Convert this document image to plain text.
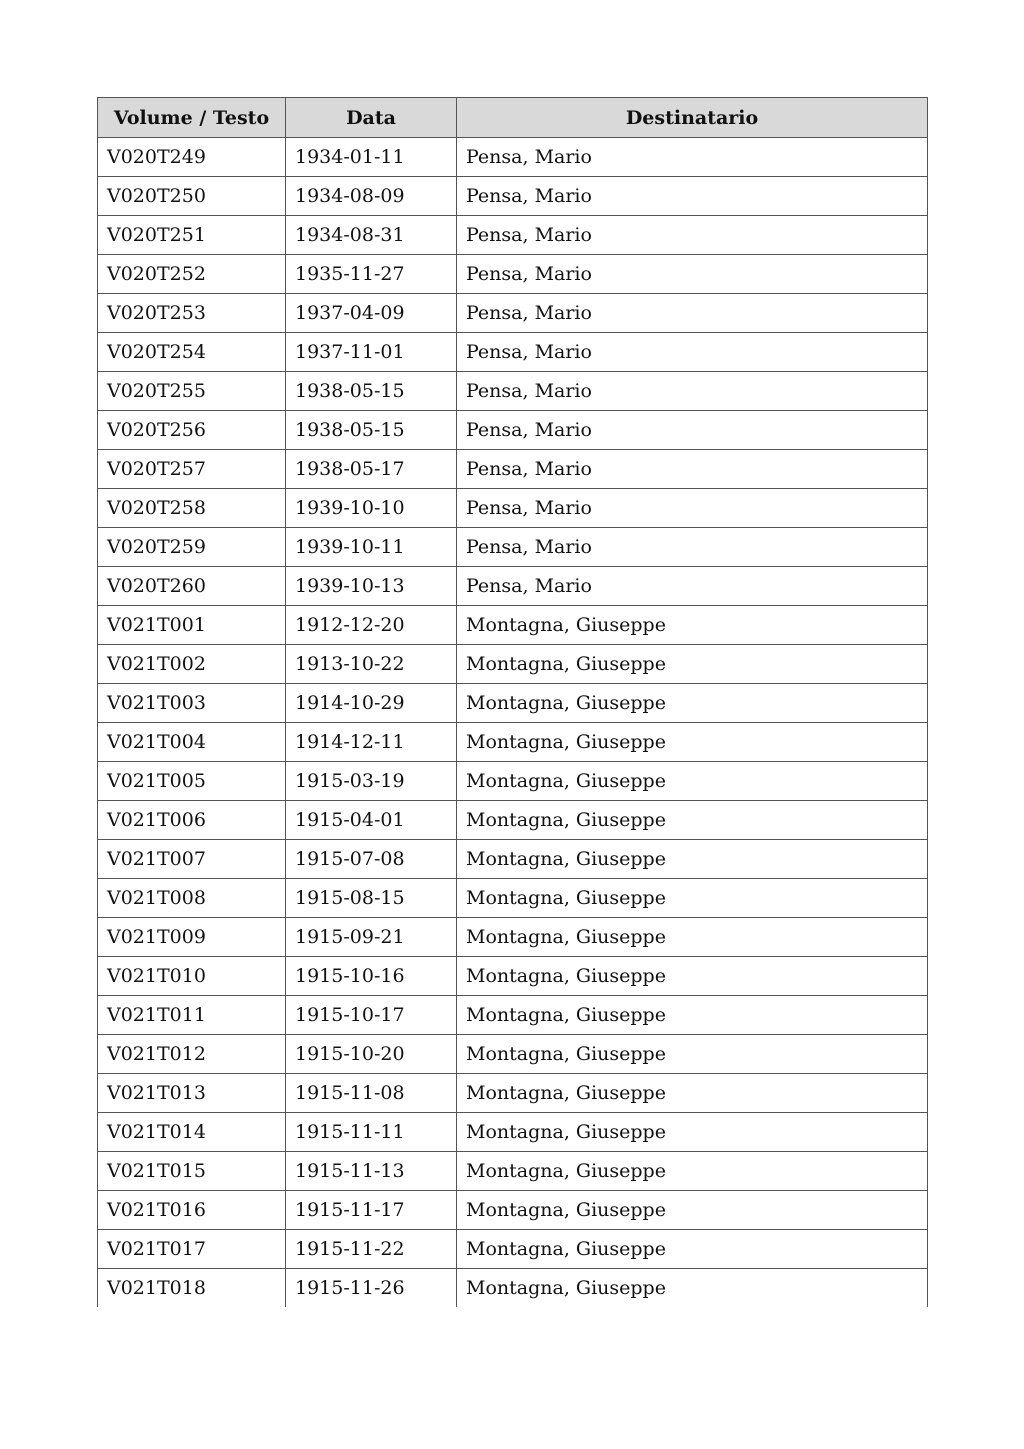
Volume / Testo	Data	Destinatario
V020T249	1934-01-11	Pensa, Mario
V020T250	1934-08-09	Pensa, Mario
V020T251	1934-08-31	Pensa, Mario
V020T252	1935-11-27	Pensa, Mario
V020T253	1937-04-09	Pensa, Mario
V020T254	1937-11-01	Pensa, Mario
V020T255	1938-05-15	Pensa, Mario
V020T256	1938-05-15	Pensa, Mario
V020T257	1938-05-17	Pensa, Mario
V020T258	1939-10-10	Pensa, Mario
V020T259	1939-10-11	Pensa, Mario
V020T260	1939-10-13	Pensa, Mario
V021T001	1912-12-20	Montagna, Giuseppe
V021T002	1913-10-22	Montagna, Giuseppe
V021T003	1914-10-29	Montagna, Giuseppe
V021T004	1914-12-11	Montagna, Giuseppe
V021T005	1915-03-19	Montagna, Giuseppe
V021T006	1915-04-01	Montagna, Giuseppe
V021T007	1915-07-08	Montagna, Giuseppe
V021T008	1915-08-15	Montagna, Giuseppe
V021T009	1915-09-21	Montagna, Giuseppe
V021T010	1915-10-16	Montagna, Giuseppe
V021T011	1915-10-17	Montagna, Giuseppe
V021T012	1915-10-20	Montagna, Giuseppe
V021T013	1915-11-08	Montagna, Giuseppe
V021T014	1915-11-11	Montagna, Giuseppe
V021T015	1915-11-13	Montagna, Giuseppe
V021T016	1915-11-17	Montagna, Giuseppe
V021T017	1915-11-22	Montagna, Giuseppe
V021T018	1915-11-26	Montagna, Giuseppe
